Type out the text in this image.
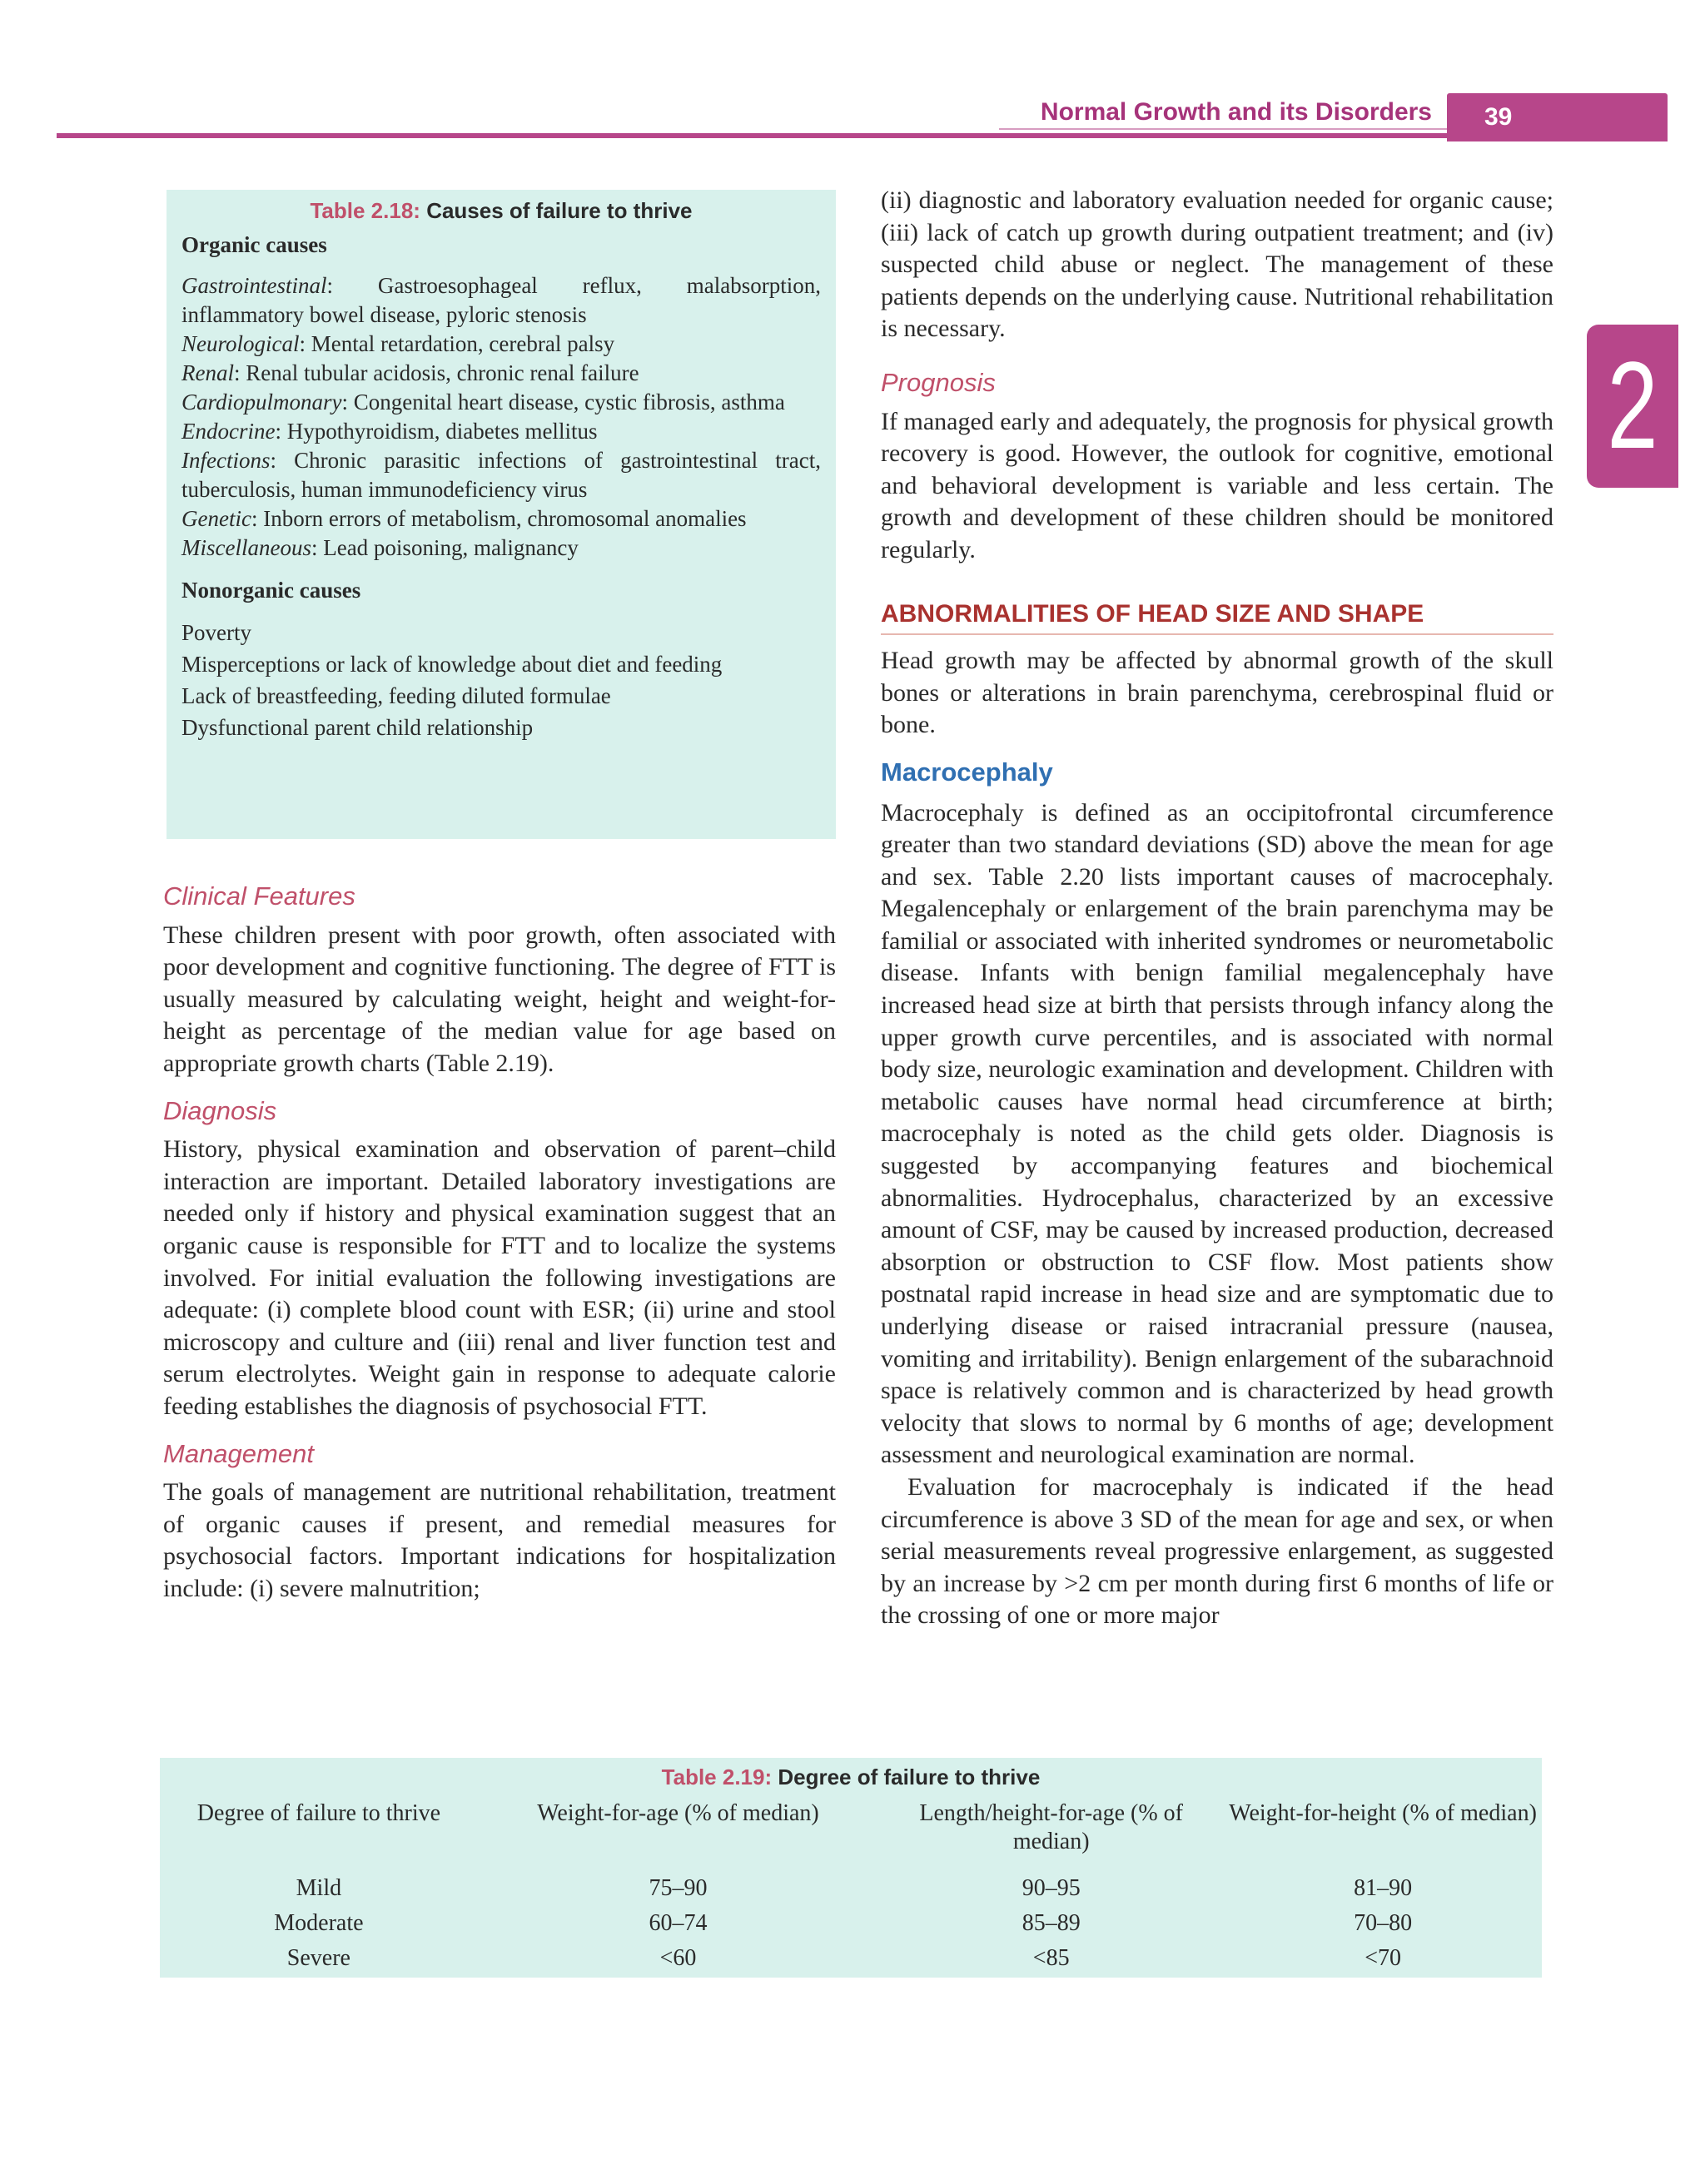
Normal Growth and its Disorders	39
2
Table 2.18: Causes of failure to thrive
Organic causes
Gastrointestinal: Gastroesophageal reflux, malabsorption, inflammatory bowel disease, pyloric stenosis
Neurological: Mental retardation, cerebral palsy
Renal: Renal tubular acidosis, chronic renal failure
Cardiopulmonary: Congenital heart disease, cystic fibrosis, asthma
Endocrine: Hypothyroidism, diabetes mellitus
Infections: Chronic parasitic infections of gastrointestinal tract, tuberculosis, human immunodeficiency virus
Genetic: Inborn errors of metabolism, chromosomal anomalies
Miscellaneous: Lead poisoning, malignancy
Nonorganic causes
Poverty
Misperceptions or lack of knowledge about diet and feeding
Lack of breastfeeding, feeding diluted formulae
Dysfunctional parent child relationship
Clinical Features

These children present with poor growth, often associated with poor development and cognitive functioning. The degree of FTT is usually measured by calculating weight, height and weight-for-height as percentage of the median value for age based on appropriate growth charts (Table 2.19).

Diagnosis

History, physical examination and observation of parent–child interaction are important. Detailed laboratory investigations are needed only if history and physical examination suggest that an organic cause is responsible for FTT and to localize the systems involved. For initial evaluation the following investigations are adequate: (i) complete blood count with ESR; (ii) urine and stool microscopy and culture and (iii) renal and liver function test and serum electrolytes. Weight gain in response to adequate calorie feeding establishes the diagnosis of psychosocial FTT.

Management

The goals of management are nutritional rehabilitation, treatment of organic causes if present, and remedial measures for psychosocial factors. Important indications for hospitalization include: (i) severe malnutrition;

(ii) diagnostic and laboratory evaluation needed for organic cause; (iii) lack of catch up growth during outpatient treatment; and (iv) suspected child abuse or neglect. The management of these patients depends on the underlying cause. Nutritional rehabilitation is necessary.

Prognosis

If managed early and adequately, the prognosis for physical growth recovery is good. However, the outlook for cognitive, emotional and behavioral development is variable and less certain. The growth and development of these children should be monitored regularly.

ABNORMALITIES OF HEAD SIZE AND SHAPE

Head growth may be affected by abnormal growth of the skull bones or alterations in brain parenchyma, cerebrospinal fluid or bone.

Macrocephaly

Macrocephaly is defined as an occipitofrontal circumference greater than two standard deviations (SD) above the mean for age and sex. Table 2.20 lists important causes of macrocephaly. Megalencephaly or enlargement of the brain parenchyma may be familial or associated with inherited syndromes or neurometabolic disease. Infants with benign familial megalencephaly have increased head size at birth that persists through infancy along the upper growth curve percentiles, and is associated with normal body size, neurologic examination and development. Children with metabolic causes have normal head circumference at birth; macrocephaly is noted as the child gets older. Diagnosis is suggested by accompanying features and biochemical abnormalities. Hydrocephalus, characterized by an excessive amount of CSF, may be caused by increased production, decreased absorption or obstruction to CSF flow. Most patients show postnatal rapid increase in head size and are symptomatic due to underlying disease or raised intracranial pressure (nausea, vomiting and irritability). Benign enlargement of the subarachnoid space is relatively common and is characterized by head growth velocity that slows to normal by 6 months of age; development assessment and neurological examination are normal.

Evaluation for macrocephaly is indicated if the head circumference is above 3 SD of the mean for age and sex, or when serial measurements reveal progressive enlargement, as suggested by an increase by >2 cm per month during first 6 months of life or the crossing of one or more major

Table 2.19: Degree of failure to thrive
Degree of failure to thrive	Weight-for-age (% of median)	Length/height-for-age (% of median)	Weight-for-height (% of median)
Mild	75–90	90–95	81–90
Moderate	60–74	85–89	70–80
Severe	<60	<85	<70
